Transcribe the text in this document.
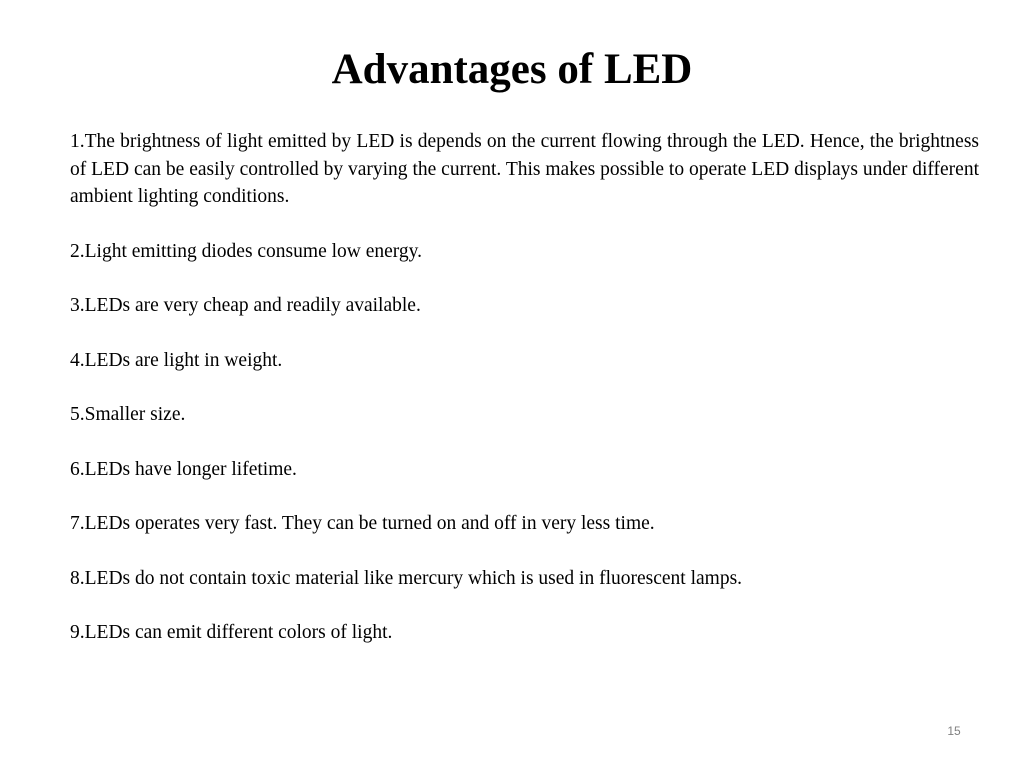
Advantages of LED
1.The brightness of light emitted by LED is depends on the current flowing through the LED. Hence, the brightness of LED can be easily controlled by varying the current. This makes possible to operate LED displays under different ambient lighting conditions.
2.Light emitting diodes consume low energy.
3.LEDs are very cheap and readily available.
4.LEDs are light in weight.
5.Smaller size.
6.LEDs have longer lifetime.
7.LEDs operates very fast. They can be turned on and off in very less time.
8.LEDs do not contain toxic material like mercury which is used in fluorescent lamps.
9.LEDs can emit different colors of light.
15
